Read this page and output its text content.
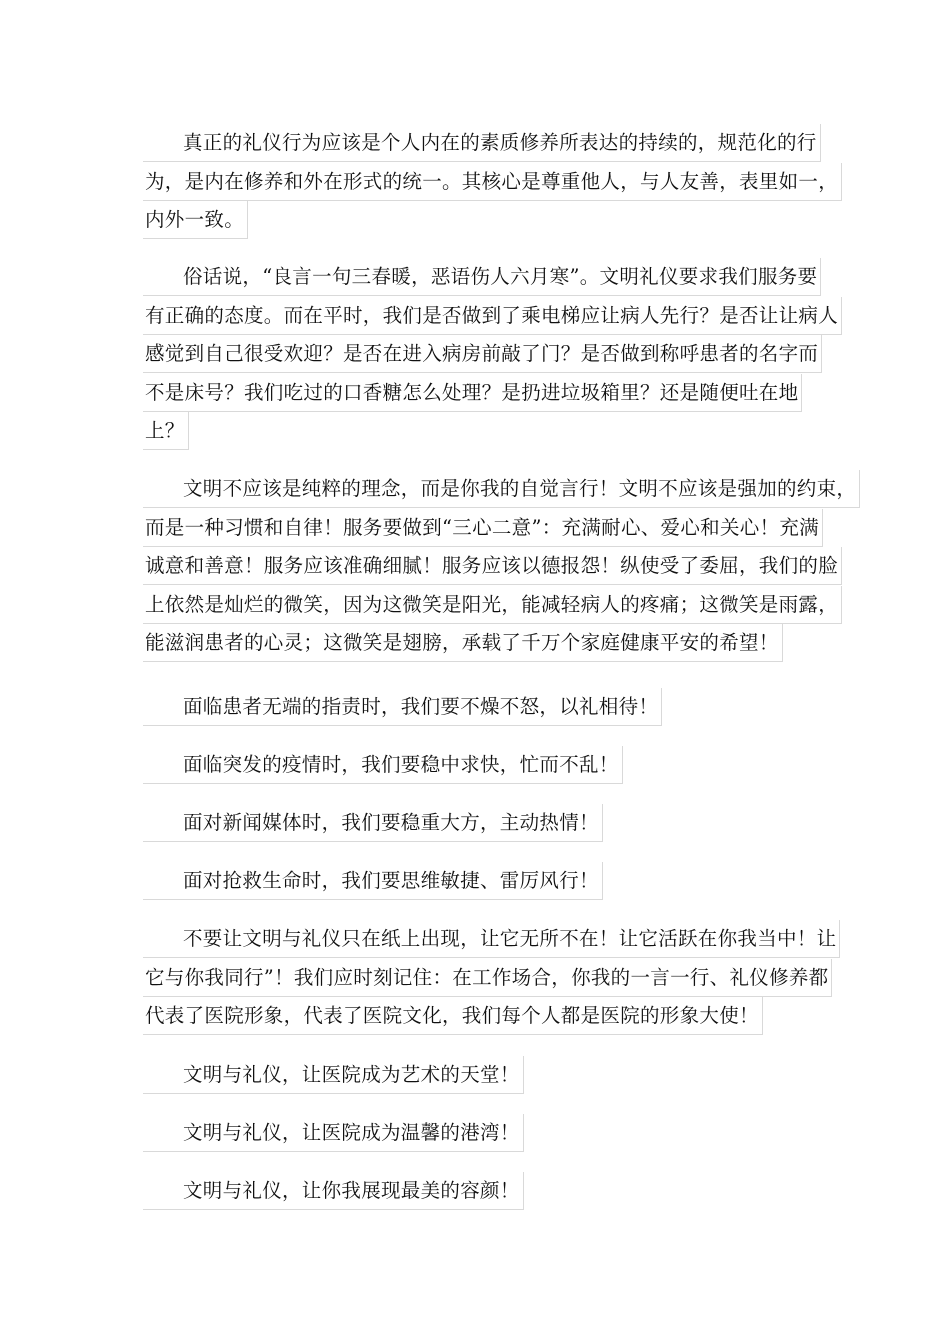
真正的礼仪行为应该是个人内在的素质修养所表达的持续的，规范化的行
为，是内在修养和外在形式的统一。其核心是尊重他人，与人友善，表里如一，
内外一致。
俗话说，“良言一句三春暖，恶语伤人六月寒”。文明礼仪要求我们服务要
有正确的态度。而在平时，我们是否做到了乘电梯应让病人先行？是否让让病人
感觉到自己很受欢迎？是否在进入病房前敲了门？是否做到称呼患者的名字而
不是床号？我们吃过的口香糖怎么处理？是扔进垃圾箱里？还是随便吐在地
上？
文明不应该是纯粹的理念，而是你我的自觉言行！文明不应该是强加的约束，
而是一种习惯和自律！服务要做到“三心二意”：充满耐心、爱心和关心！充满
诚意和善意！服务应该准确细腻！服务应该以德报怨！纵使受了委屈，我们的脸
上依然是灿烂的微笑，因为这微笑是阳光，能减轻病人的疼痛；这微笑是雨露，
能滋润患者的心灵；这微笑是翅膀，承载了千万个家庭健康平安的希望！
面临患者无端的指责时，我们要不燥不怒，以礼相待！
面临突发的疫情时，我们要稳中求快，忙而不乱！
面对新闻媒体时，我们要稳重大方，主动热情！
面对抢救生命时，我们要思维敏捷、雷厉风行！
不要让文明与礼仪只在纸上出现，让它无所不在！让它活跃在你我当中！让
它与你我同行”！我们应时刻记住：在工作场合，你我的一言一行、礼仪修养都
代表了医院形象，代表了医院文化，我们每个人都是医院的形象大使！
文明与礼仪，让医院成为艺术的天堂！
文明与礼仪，让医院成为温馨的港湾！
文明与礼仪，让你我展现最美的容颜！
